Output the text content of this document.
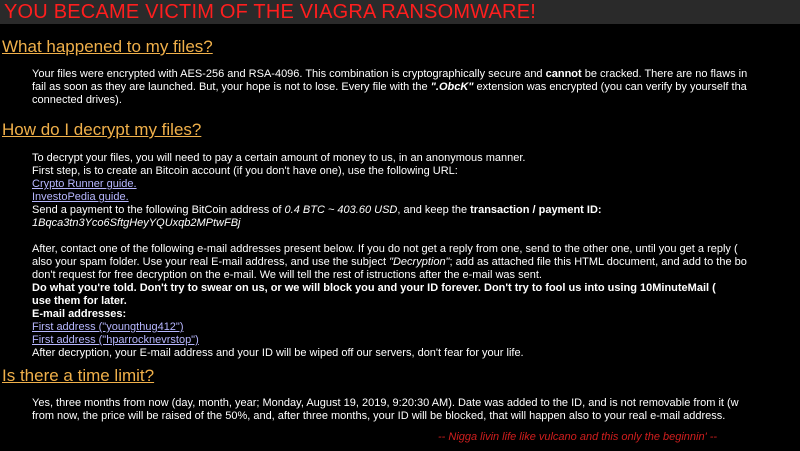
YOU BECAME VICTIM OF THE VIAGRA RANSOMWARE!
What happened to my files?
Your files were encrypted with AES-256 and RSA-4096. This combination is cryptographically secure and cannot be cracked. There are no flaws in
fail as soon as they are launched. But, your hope is not to lose. Every file with the ".ObcK" extension was encrypted (you can verify by yourself tha
connected drives).
How do I decrypt my files?
To decrypt your files, you will need to pay a certain amount of money to us, in an anonymous manner.
First step, is to create an Bitcoin account (if you don't have one), use the following URL:
Crypto Runner guide.
InvestoPedia guide.
Send a payment to the following BitCoin address of 0.4 BTC ~ 403.60 USD, and keep the transaction / payment ID:
1Bqca3tn3Yco6SftgHeyYQUxqb2MPtwFBj
After, contact one of the following e-mail addresses present below. If you do not get a reply from one, send to the other one, until you get a reply (
also your spam folder. Use your real E-mail address, and use the subject "Decryption"; add as attached file this HTML document, and add to the bo
don't request for free decryption on the e-mail. We will tell the rest of istructions after the e-mail was sent.
Do what you're told. Don't try to swear on us, or we will block you and your ID forever. Don't try to fool us into using 10MinuteMail (
use them for later.
E-mail addresses:
First address ("youngthug412")
First address ("hparrocknevrstop")
After decryption, your E-mail address and your ID will be wiped off our servers, don't fear for your life.
Is there a time limit?
Yes, three months from now (day, month, year; Monday, August 19, 2019, 9:20:30 AM). Date was added to the ID, and is not removable from it (w
from now, the price will be raised of the 50%, and, after three months, your ID will be blocked, that will happen also to your real e-mail address.
-- Nigga livin life like vulcano and this only the beginnin' --
